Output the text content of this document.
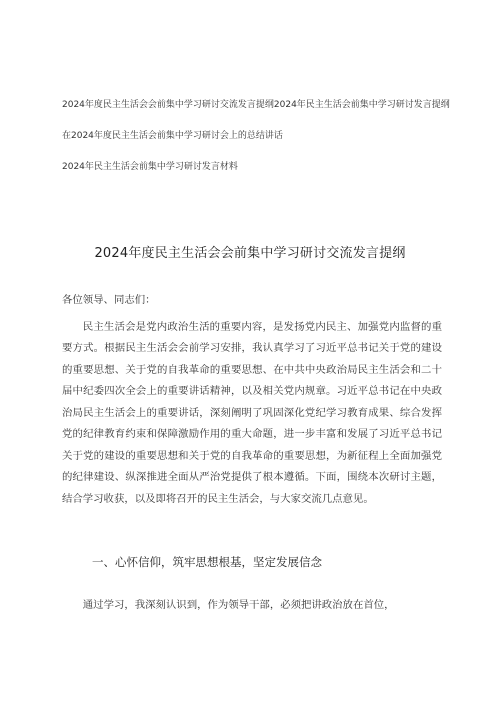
2024年度民主生活会会前集中学习研讨交流发言提纲2024年民主生活会前集中学习研讨发言提纲
在2024年度民主生活会前集中学习研讨会上的总结讲话
2024年民主生活会前集中学习研讨发言材料
2024年度民主生活会会前集中学习研讨交流发言提纲
各位领导、同志们：
民主生活会是党内政治生活的重要内容，是发扬党内民主、加强党内监督的重要方式。根据民主生活会会前学习安排，我认真学习了习近平总书记关于党的建设的重要思想、关于党的自我革命的重要思想、在中共中央政治局民主生活会和二十届中纪委四次全会上的重要讲话精神，以及相关党内规章。习近平总书记在中央政治局民主生活会上的重要讲话，深刻阐明了巩固深化党纪学习教育成果、综合发挥党的纪律教育约束和保障激励作用的重大命题，进一步丰富和发展了习近平总书记关于党的建设的重要思想和关于党的自我革命的重要思想，为新征程上全面加强党的纪律建设、纵深推进全面从严治党提供了根本遵循。下面，围绕本次研讨主题，结合学习收获，以及即将召开的民主生活会，与大家交流几点意见。
一、心怀信仰，筑牢思想根基，坚定发展信念
通过学习，我深刻认识到，作为领导干部，必须把讲政治放在首位，
